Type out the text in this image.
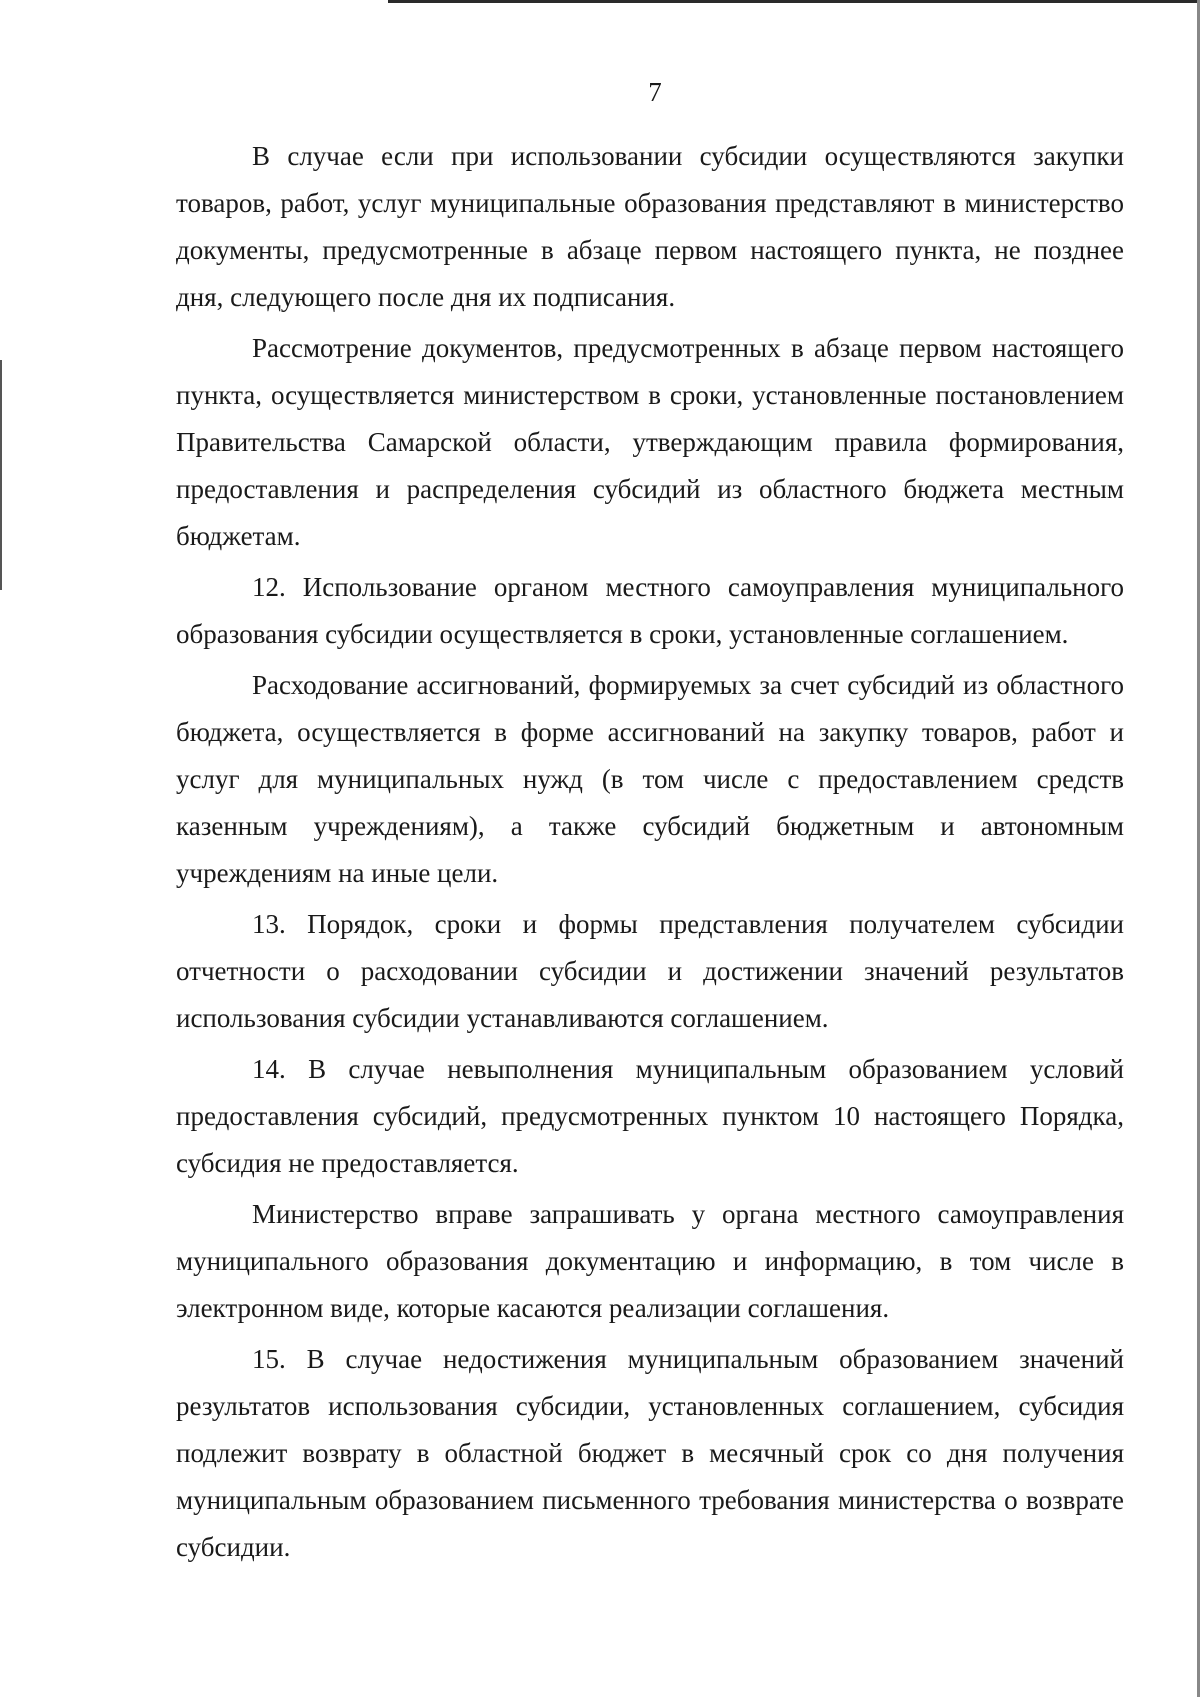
7

В случае если при использовании субсидии осуществляются закупки товаров, работ, услуг муниципальные образования представляют в министерство документы, предусмотренные в абзаце первом настоящего пункта, не позднее дня, следующего после дня их подписания.

Рассмотрение документов, предусмотренных в абзаце первом настоящего пункта, осуществляется министерством в сроки, установленные постановлением Правительства Самарской области, утверждающим правила формирования, предоставления и распределения субсидий из областного бюджета местным бюджетам.

12. Использование органом местного самоуправления муниципального образования субсидии осуществляется в сроки, установленные соглашением.

Расходование ассигнований, формируемых за счет субсидий из областного бюджета, осуществляется в форме ассигнований на закупку товаров, работ и услуг для муниципальных нужд (в том числе с предоставлением средств казенным учреждениям), а также субсидий бюджетным и автономным учреждениям на иные цели.

13. Порядок, сроки и формы представления получателем субсидии отчетности о расходовании субсидии и достижении значений результатов использования субсидии устанавливаются соглашением.

14. В случае невыполнения муниципальным образованием условий предоставления субсидий, предусмотренных пунктом 10 настоящего Порядка, субсидия не предоставляется.

Министерство вправе запрашивать у органа местного самоуправления муниципального образования документацию и информацию, в том числе в электронном виде, которые касаются реализации соглашения.

15. В случае недостижения муниципальным образованием значений результатов использования субсидии, установленных соглашением, субсидия подлежит возврату в областной бюджет в месячный срок со дня получения муниципальным образованием письменного требования министерства о возврате субсидии.
